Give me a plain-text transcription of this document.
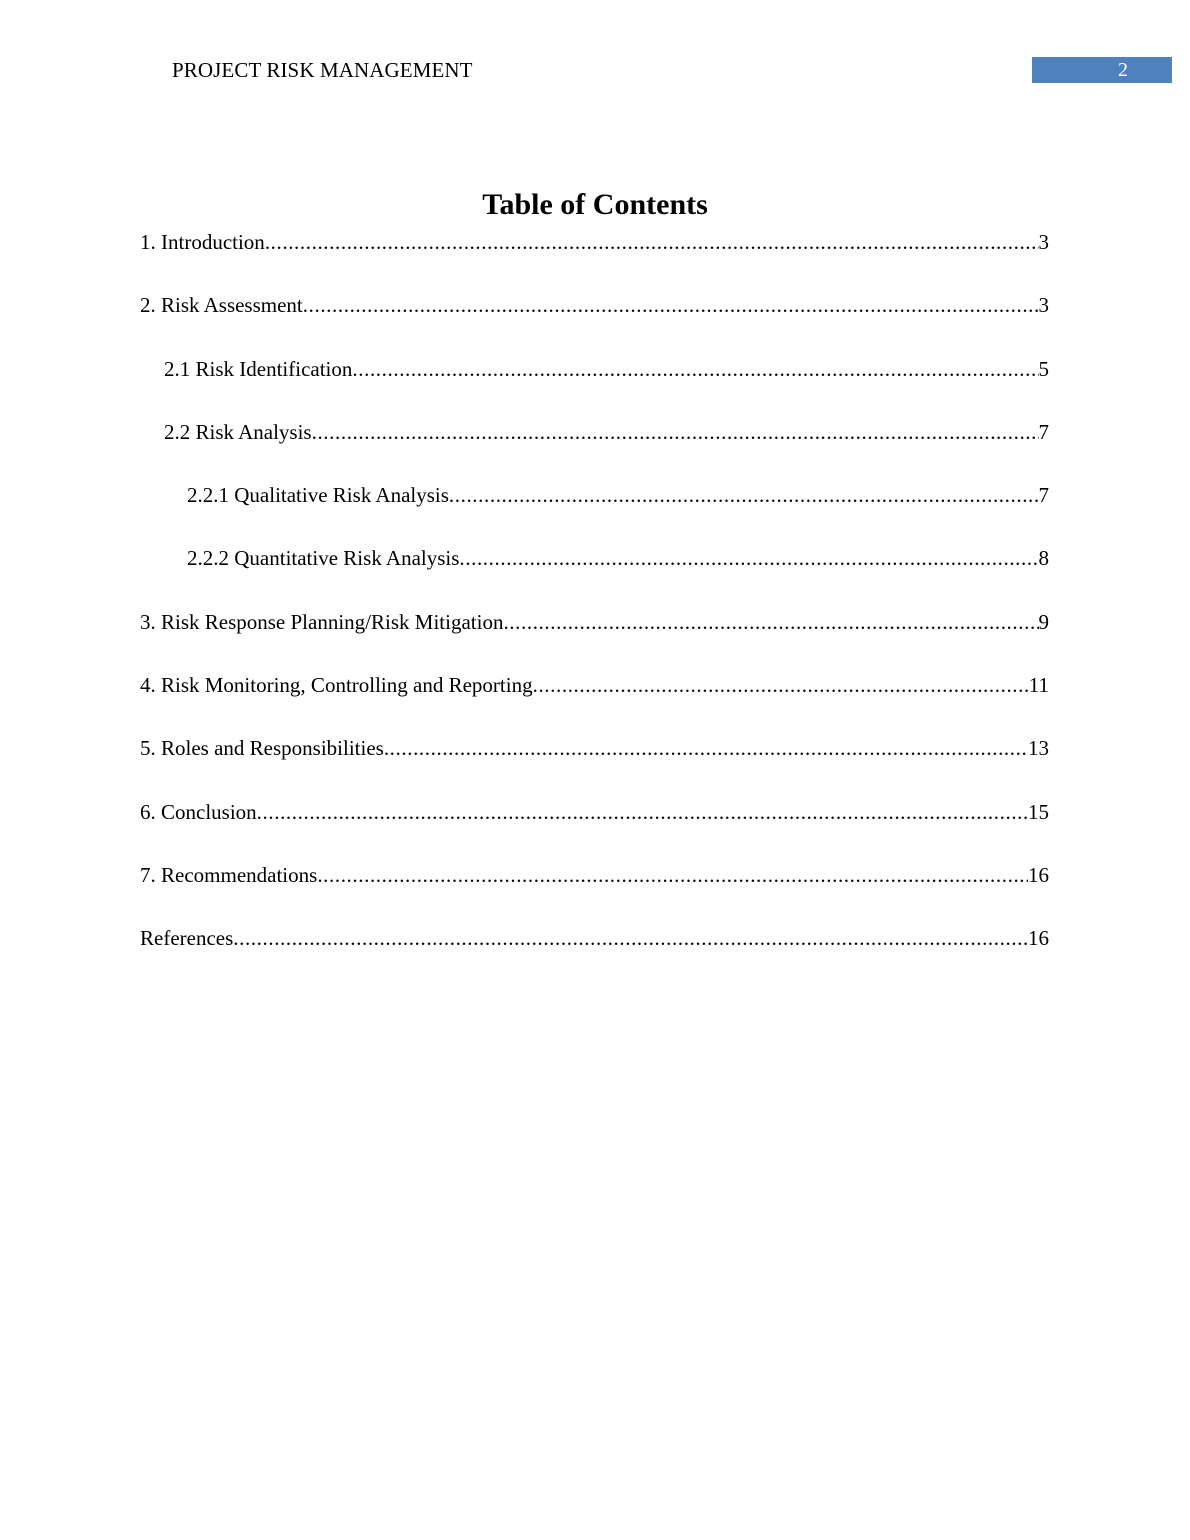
PROJECT RISK MANAGEMENT	2
Table of Contents
1. Introduction .....	3
2. Risk Assessment .....	3
2.1 Risk Identification .....	5
2.2 Risk Analysis .....	7
2.2.1 Qualitative Risk Analysis .....	7
2.2.2 Quantitative Risk Analysis .....	8
3. Risk Response Planning/Risk Mitigation .....	9
4. Risk Monitoring, Controlling and Reporting .....	11
5. Roles and Responsibilities .....	13
6. Conclusion .....	15
7. Recommendations .....	16
References .....	16
